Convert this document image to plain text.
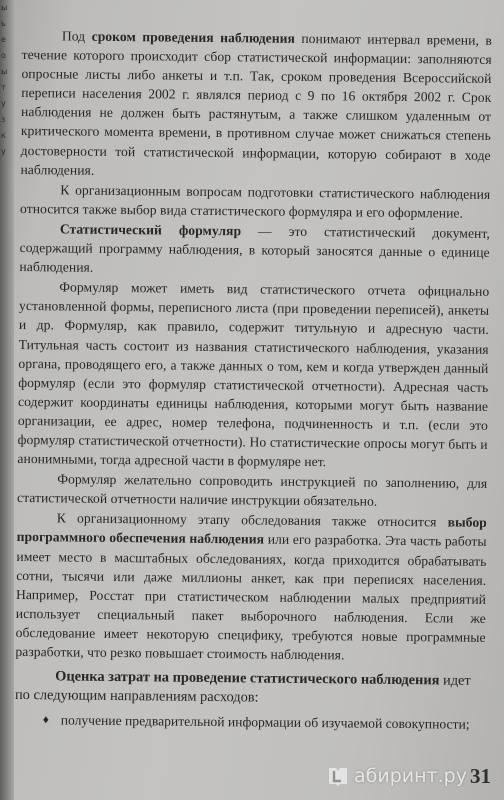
ы
ь
е
о
ы
т
у
з
к
у

Под сроком проведения наблюдения понимают интервал времени, в течение которого происходит сбор статистической информации: заполняются опросные листы либо анкеты и т.п. Так, сроком проведения Всероссийской переписи населения 2002 г. являлся период с 9 по 16 октября 2002 г. Срок наблюдения не должен быть растянутым, а также слишком удаленным от критического момента времени, в противном случае может снижаться степень достоверности той статистической информации, которую собирают в ходе наблюдения.

К организационным вопросам подготовки статистического наблюдения относится также выбор вида статистического формуляра и его оформление.

Статистический формуляр — это статистический документ, содержащий программу наблюдения, в который заносятся данные о единице наблюдения.

Формуляр может иметь вид статистического отчета официально установленной формы, переписного листа (при проведении переписей), анкеты и др. Формуляр, как правило, содержит титульную и адресную части. Титульная часть состоит из названия статистического наблюдения, указания органа, проводящего его, а также данных о том, кем и когда утвержден данный формуляр (если это формуляр статистической отчетности). Адресная часть содержит координаты единицы наблюдения, которыми могут быть название организации, ее адрес, номер телефона, подчиненность и т.п. (если это формуляр статистической отчетности). Но статистические опросы могут быть и анонимными, тогда адресной части в формуляре нет.

Формуляр желательно сопроводить инструкцией по заполнению, для статистической отчетности наличие инструкции обязательно.

К организационному этапу обследования также относится выбор программного обеспечения наблюдения или его разработка. Эта часть работы имеет место в масштабных обследованиях, когда приходится обрабатывать сотни, тысячи или даже миллионы анкет, как при переписях населения. Например, Росстат при статистическом наблюдении малых предприятий использует специальный пакет выборочного наблюдения. Если же обследование имеет некоторую специфику, требуются новые программные разработки, что резко повышает стоимость наблюдения.

Оценка затрат на проведение статистического наблюдения идет по следующим направлениям расходов:

♦ получение предварительной информации об изучаемой совокупности;
абиринт.ру 31
